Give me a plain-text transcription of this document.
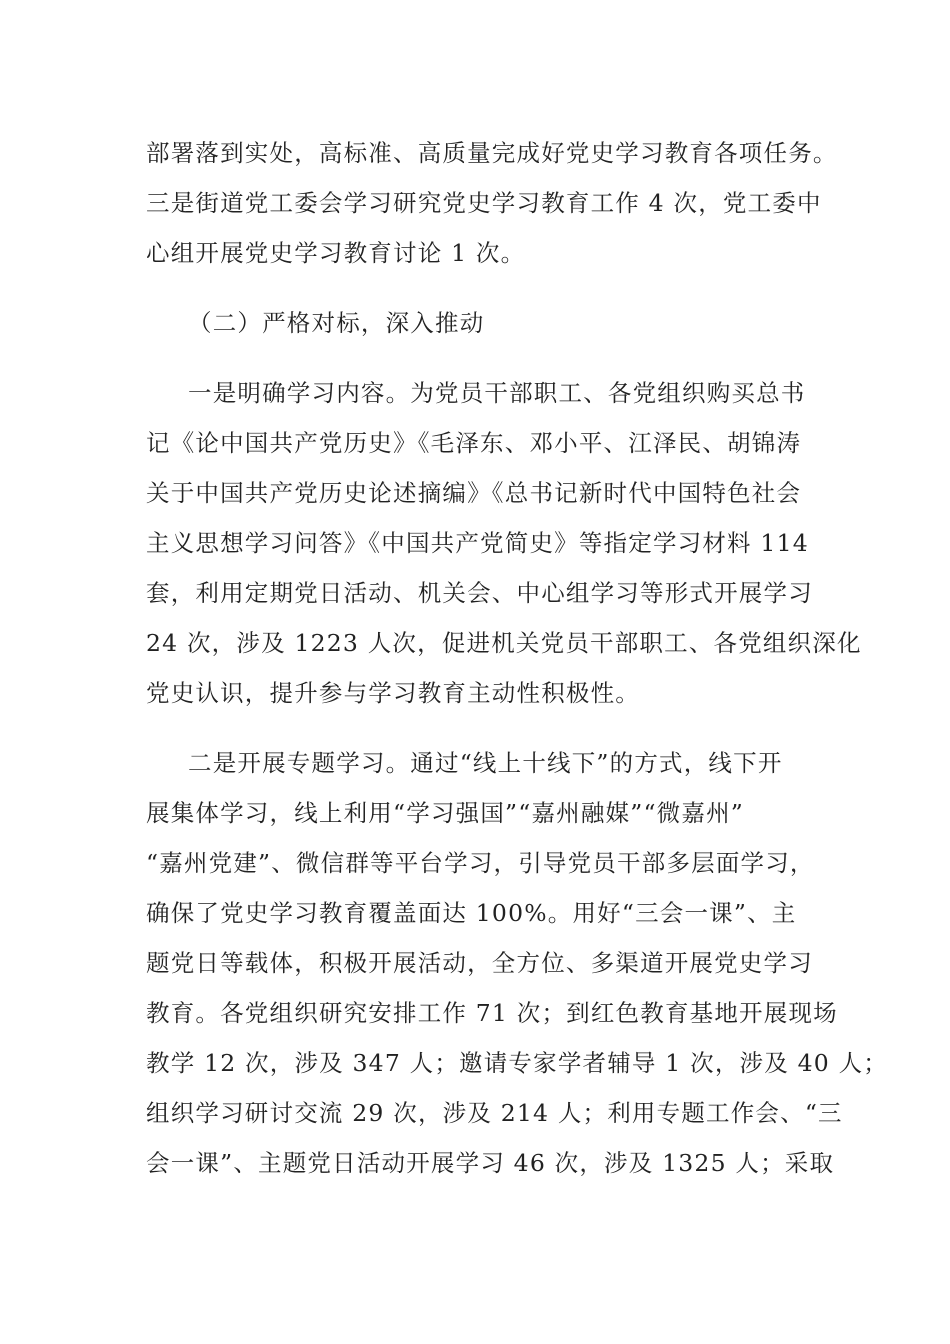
部署落到实处，高标准、高质量完成好党史学习教育各项任务。
三是街道党工委会学习研究党史学习教育工作 4 次，党工委中
心组开展党史学习教育讨论 1 次。
（二）严格对标，深入推动
一是明确学习内容。为党员干部职工、各党组织购买总书
记《论中国共产党历史》《毛泽东、邓小平、江泽民、胡锦涛
关于中国共产党历史论述摘编》《总书记新时代中国特色社会
主义思想学习问答》《中国共产党简史》等指定学习材料 114
套，利用定期党日活动、机关会、中心组学习等形式开展学习
24 次，涉及 1223 人次，促进机关党员干部职工、各党组织深化
党史认识，提升参与学习教育主动性积极性。
二是开展专题学习。通过“线上十线下”的方式，线下开
展集体学习，线上利用“学习强国”“嘉州融媒”“微嘉州”
“嘉州党建”、微信群等平台学习，引导党员干部多层面学习，
确保了党史学习教育覆盖面达 100%。用好“三会一课”、主
题党日等载体，积极开展活动，全方位、多渠道开展党史学习
教育。各党组织研究安排工作 71 次；到红色教育基地开展现场
教学 12 次，涉及 347 人；邀请专家学者辅导 1 次，涉及 40 人；
组织学习研讨交流 29 次，涉及 214 人；利用专题工作会、“三
会一课”、主题党日活动开展学习 46 次，涉及 1325 人；采取
